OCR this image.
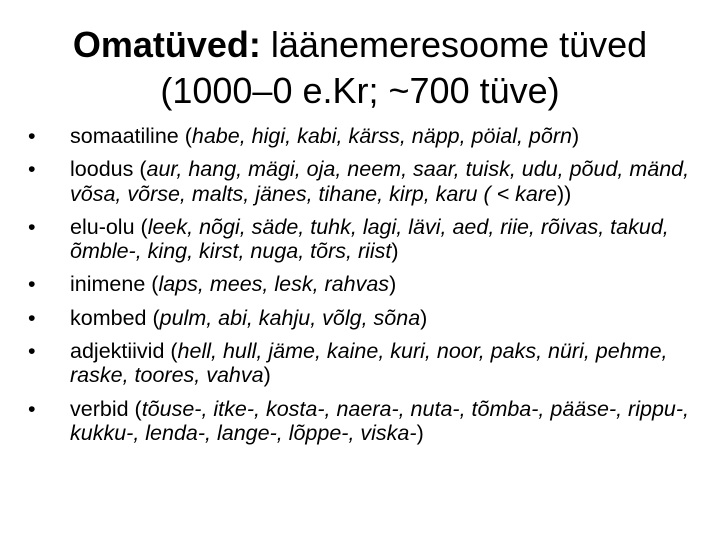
Omatüved: läänemeresoome tüved
(1000–0 e.Kr; ~700 tüve)
•	somaatiline (habe, higi, kabi, kärss, näpp, pöial, põrn)
•	loodus (aur, hang, mägi, oja, neem, saar, tuisk, udu, põud, mänd, võsa, võrse, malts, jänes, tihane, kirp, karu ( < kare))
•	elu-olu (leek, nõgi, säde, tuhk, lagi, lävi, aed, riie, rõivas, takud, õmble-, king, kirst, nuga, tõrs, riist)
•	inimene (laps, mees, lesk, rahvas)
•	kombed (pulm, abi, kahju, võlg, sõna)
•	adjektiivid (hell, hull, jäme, kaine, kuri, noor, paks, nüri, pehme, raske, toores, vahva)
•	verbid (tõuse-, itke-, kosta-, naera-, nuta-, tõmba-, pääse-, rippu-, kukku-, lenda-, lange-, lõppe-, viska-)
